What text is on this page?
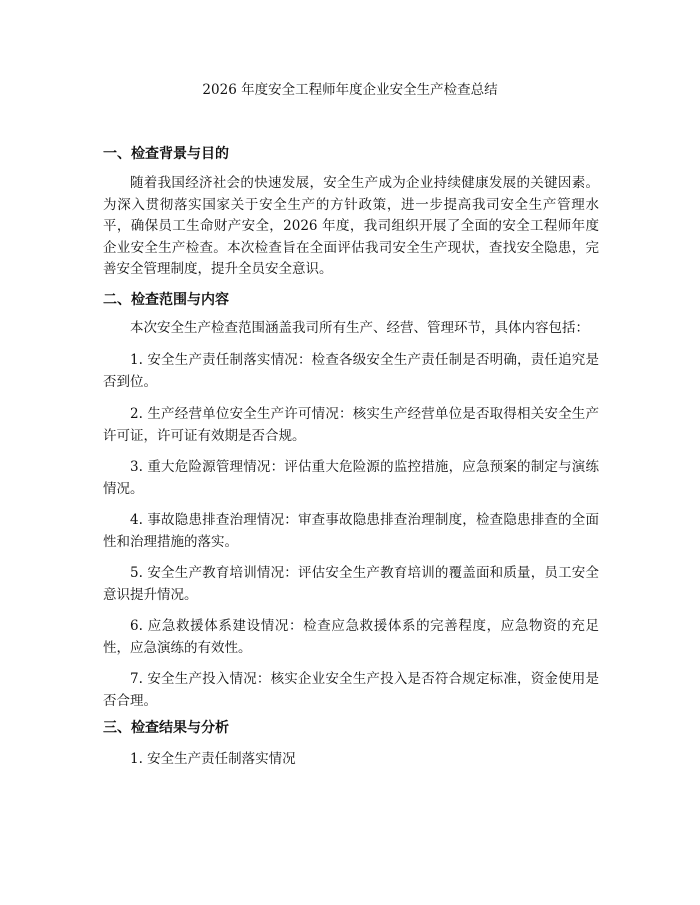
2026 年度安全工程师年度企业安全生产检查总结
一、检查背景与目的
随着我国经济社会的快速发展，安全生产成为企业持续健康发展的关键因素。为深入贯彻落实国家关于安全生产的方针政策，进一步提高我司安全生产管理水平，确保员工生命财产安全，2026 年度，我司组织开展了全面的安全工程师年度企业安全生产检查。本次检查旨在全面评估我司安全生产现状，查找安全隐患，完善安全管理制度，提升全员安全意识。
二、检查范围与内容
本次安全生产检查范围涵盖我司所有生产、经营、管理环节，具体内容包括：
1. 安全生产责任制落实情况：检查各级安全生产责任制是否明确，责任追究是否到位。
2. 生产经营单位安全生产许可情况：核实生产经营单位是否取得相关安全生产许可证，许可证有效期是否合规。
3. 重大危险源管理情况：评估重大危险源的监控措施，应急预案的制定与演练情况。
4. 事故隐患排查治理情况：审查事故隐患排查治理制度，检查隐患排查的全面性和治理措施的落实。
5. 安全生产教育培训情况：评估安全生产教育培训的覆盖面和质量，员工安全意识提升情况。
6. 应急救援体系建设情况：检查应急救援体系的完善程度，应急物资的充足性，应急演练的有效性。
7. 安全生产投入情况：核实企业安全生产投入是否符合规定标准，资金使用是否合理。
三、检查结果与分析
1. 安全生产责任制落实情况
